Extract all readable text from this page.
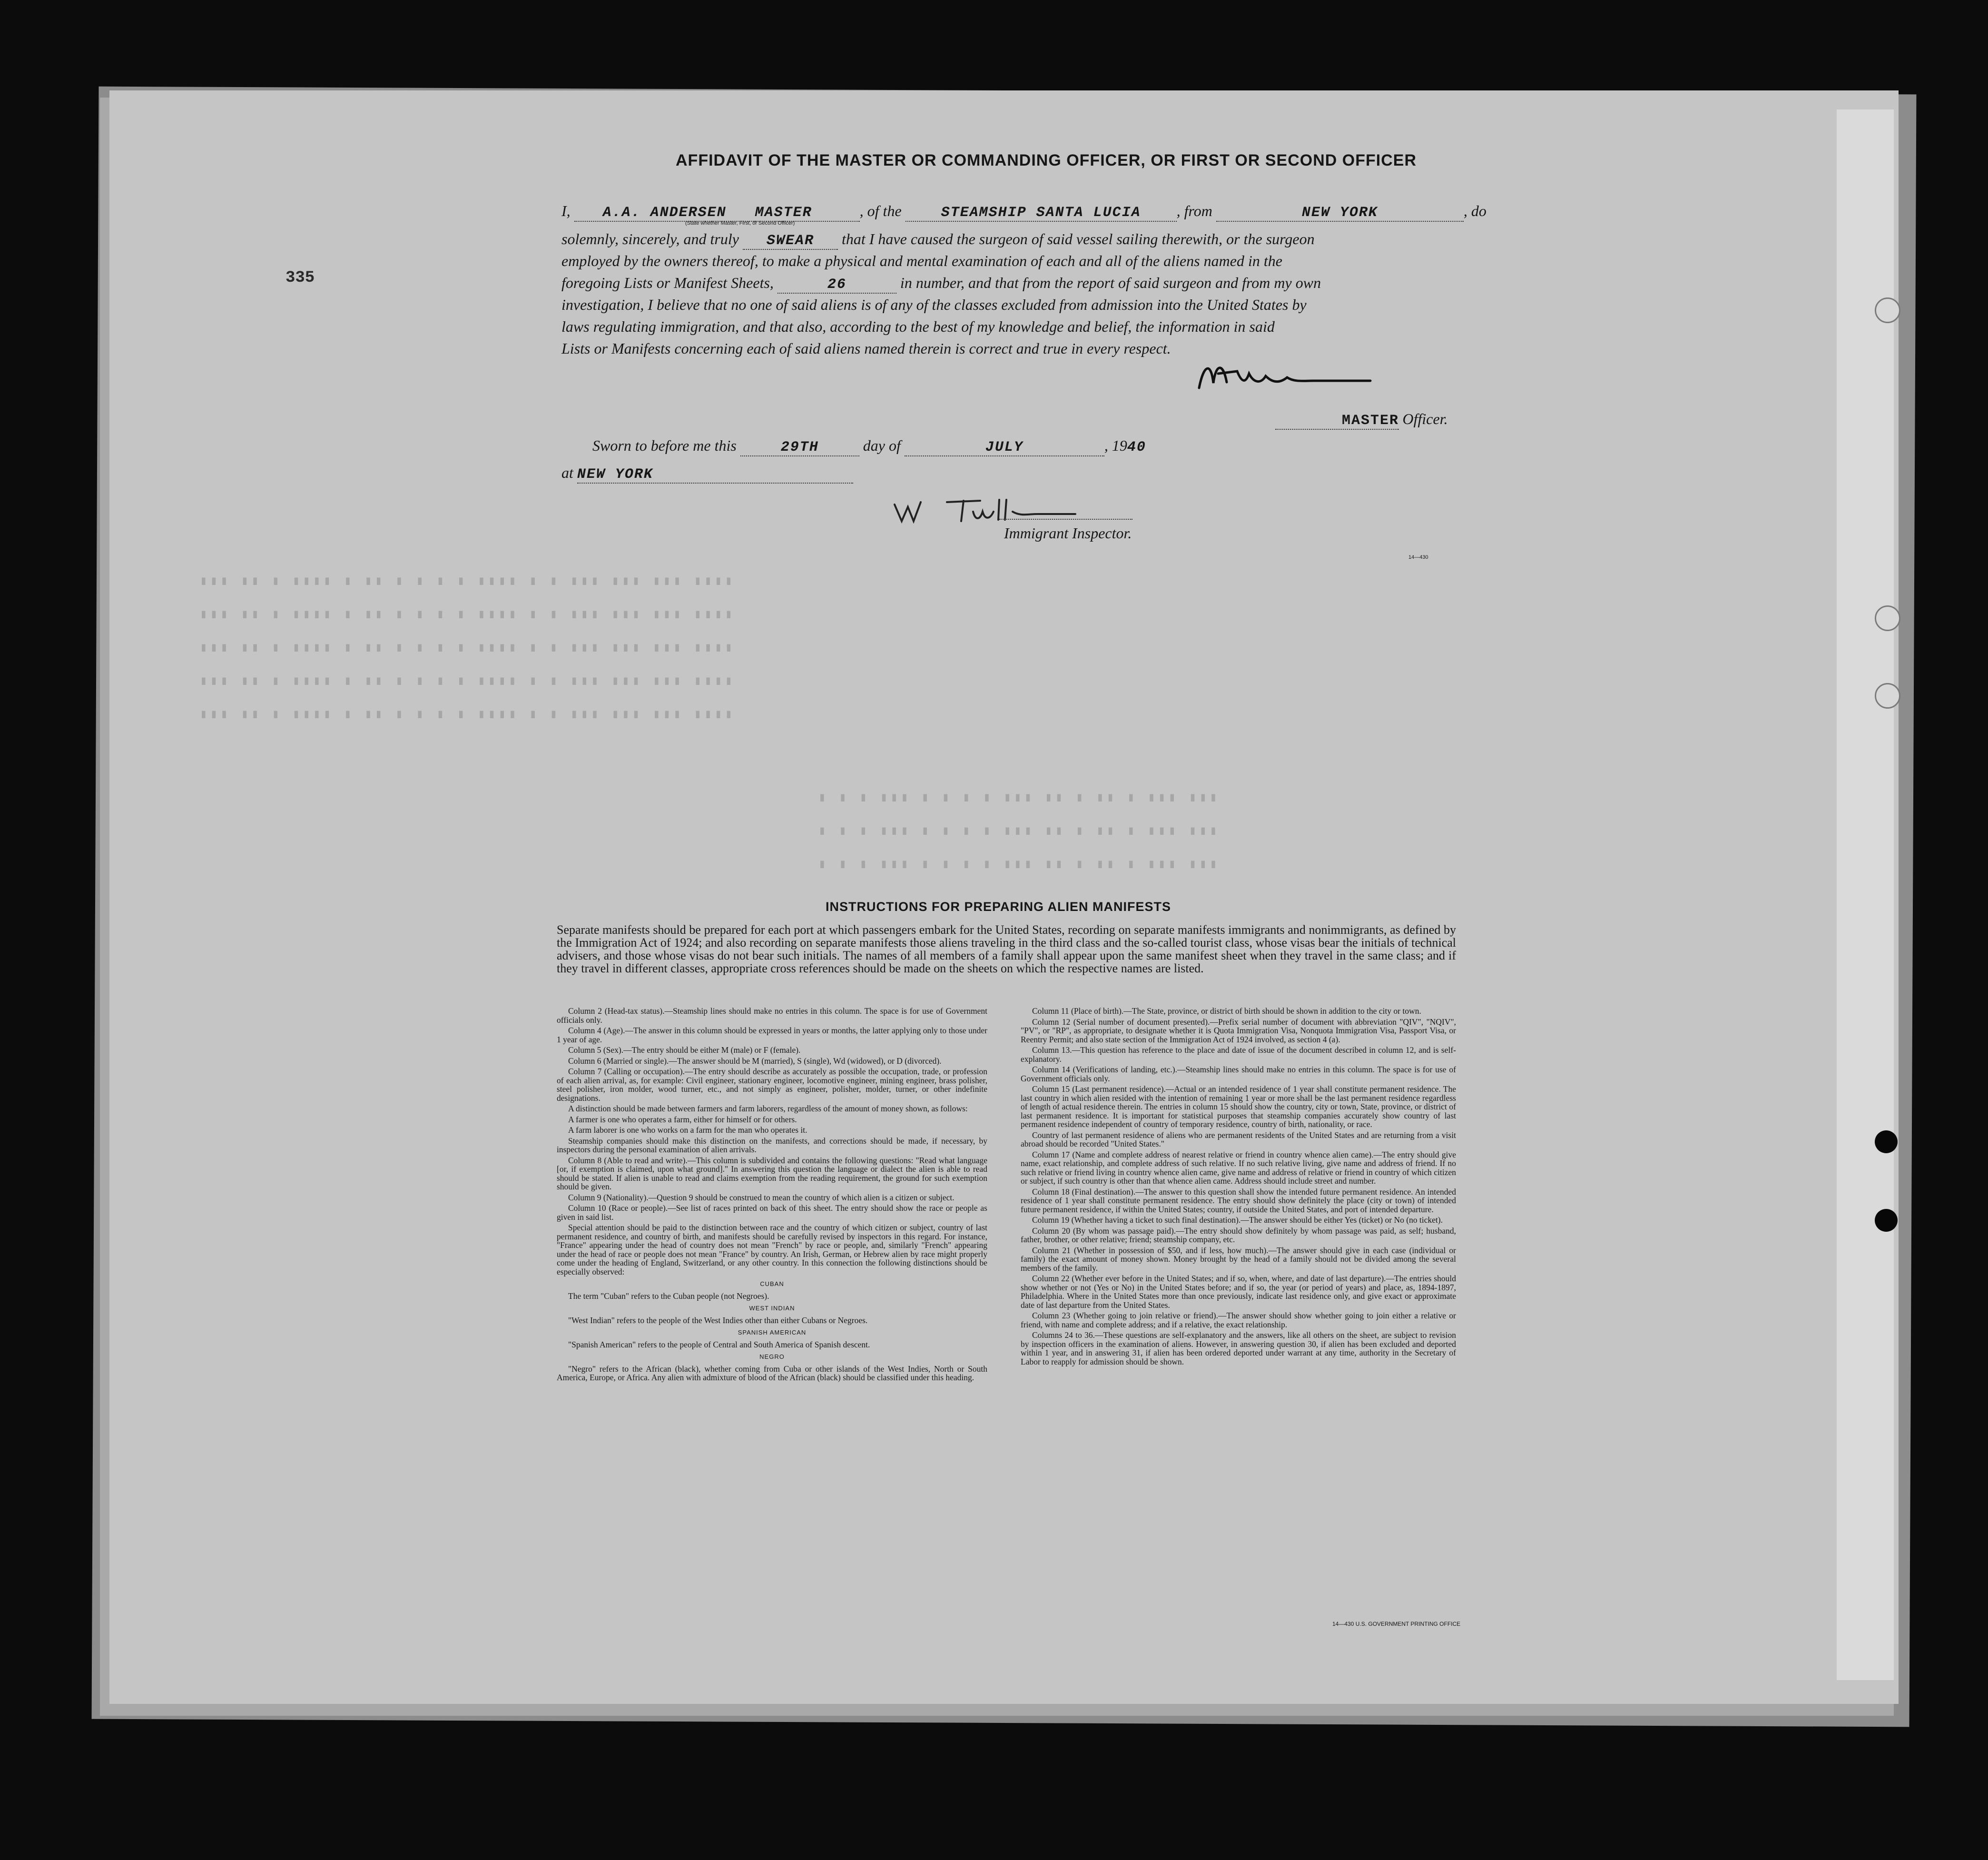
▮▮▮ ▮▮ ▮ ▮▮▮▮ ▮ ▮▮ ▮ ▮ ▮ ▮ ▮▮▮▮ ▮ ▮ ▮▮▮ ▮▮▮ ▮▮▮ ▮▮▮▮
▮▮▮ ▮▮ ▮ ▮▮▮▮ ▮ ▮▮ ▮ ▮ ▮ ▮ ▮▮▮▮ ▮ ▮ ▮▮▮ ▮▮▮ ▮▮▮ ▮▮▮▮
▮▮▮ ▮▮ ▮ ▮▮▮▮ ▮ ▮▮ ▮ ▮ ▮ ▮ ▮▮▮▮ ▮ ▮ ▮▮▮ ▮▮▮ ▮▮▮ ▮▮▮▮
▮▮▮ ▮▮ ▮ ▮▮▮▮ ▮ ▮▮ ▮ ▮ ▮ ▮ ▮▮▮▮ ▮ ▮ ▮▮▮ ▮▮▮ ▮▮▮ ▮▮▮▮
▮▮▮ ▮▮ ▮ ▮▮▮▮ ▮ ▮▮ ▮ ▮ ▮ ▮ ▮▮▮▮ ▮ ▮ ▮▮▮ ▮▮▮ ▮▮▮ ▮▮▮▮
▮ ▮ ▮ ▮▮▮ ▮ ▮ ▮ ▮ ▮▮▮ ▮▮ ▮ ▮▮ ▮ ▮▮▮ ▮▮▮
▮ ▮ ▮ ▮▮▮ ▮ ▮ ▮ ▮ ▮▮▮ ▮▮ ▮ ▮▮ ▮ ▮▮▮ ▮▮▮
▮ ▮ ▮ ▮▮▮ ▮ ▮ ▮ ▮ ▮▮▮ ▮▮ ▮ ▮▮ ▮ ▮▮▮ ▮▮▮
335
AFFIDAVIT OF THE MASTER OR COMMANDING OFFICER, OR FIRST OR SECOND OFFICER
I, A.A. ANDERSEN MASTER	, of the	STEAMSHIP SANTA LUCIA , from	NEW YORK	, do
(State whether Master, First, or Second Officer)
solemnly, sincerely, and truly SWEAR that I have caused the surgeon of said vessel sailing therewith, or the surgeon
employed by the owners thereof, to make a physical and mental examination of each and all of the aliens named in the
foregoing Lists or Manifest Sheets,	26	in number, and that from the report of said surgeon and from my own
investigation, I believe that no one of said aliens is of any of the classes excluded from admission into the United States by
laws regulating immigration, and that also, according to the best of my knowledge and belief, the information in said
Lists or Manifests concerning each of said aliens named therein is correct and true in every respect.
MASTER Officer.
Sworn to before me this	29TH	day of	JULY	, 1940
at NEW YORK
Immigrant Inspector.
14—430
INSTRUCTIONS FOR PREPARING ALIEN MANIFESTS
Separate manifests should be prepared for each port at which passengers embark for the United States, recording on separate manifests immigrants and nonimmigrants, as defined by the Immigration Act of 1924; and also recording on separate manifests those aliens traveling in the third class and the so-called tourist class, whose visas bear the initials of technical advisers, and those whose visas do not bear such initials. The names of all members of a family shall appear upon the same manifest sheet when they travel in the same class; and if they travel in different classes, appropriate cross references should be made on the sheets on which the respective names are listed.

Column 2 (Head-tax status).—Steamship lines should make no entries in this column. The space is for use of Government officials only.

Column 4 (Age).—The answer in this column should be expressed in years or months, the latter applying only to those under 1 year of age.

Column 5 (Sex).—The entry should be either M (male) or F (female).

Column 6 (Married or single).—The answer should be M (married), S (single), Wd (widowed), or D (divorced).

Column 7 (Calling or occupation).—The entry should describe as accurately as possible the occupation, trade, or profession of each alien arrival, as, for example: Civil engineer, stationary engineer, locomotive engineer, mining engineer, brass polisher, steel polisher, iron molder, wood turner, etc., and not simply as engineer, polisher, molder, turner, or other indefinite designations.

A distinction should be made between farmers and farm laborers, regardless of the amount of money shown, as follows:

A farmer is one who operates a farm, either for himself or for others.

A farm laborer is one who works on a farm for the man who operates it.

Steamship companies should make this distinction on the manifests, and corrections should be made, if necessary, by inspectors during the personal examination of alien arrivals.

Column 8 (Able to read and write).—This column is subdivided and contains the following questions: "Read what language [or, if exemption is claimed, upon what ground]." In answering this question the language or dialect the alien is able to read should be stated. If alien is unable to read and claims exemption from the reading requirement, the ground for such exemption should be given.

Column 9 (Nationality).—Question 9 should be construed to mean the country of which alien is a citizen or subject.

Column 10 (Race or people).—See list of races printed on back of this sheet. The entry should show the race or people as given in said list.

Special attention should be paid to the distinction between race and the country of which citizen or subject, country of last permanent residence, and country of birth, and manifests should be carefully revised by inspectors in this regard. For instance, "France" appearing under the head of country does not mean "French" by race or people, and, similarly "French" appearing under the head of race or people does not mean "France" by country. An Irish, German, or Hebrew alien by race might properly come under the heading of England, Switzerland, or any other country. In this connection the following distinctions should be especially observed:

CUBAN

The term "Cuban" refers to the Cuban people (not Negroes).

WEST INDIAN

"West Indian" refers to the people of the West Indies other than either Cubans or Negroes.

SPANISH AMERICAN

"Spanish American" refers to the people of Central and South America of Spanish descent.

NEGRO

"Negro" refers to the African (black), whether coming from Cuba or other islands of the West Indies, North or South America, Europe, or Africa. Any alien with admixture of blood of the African (black) should be classified under this heading.

Column 11 (Place of birth).—The State, province, or district of birth should be shown in addition to the city or town.

Column 12 (Serial number of document presented).—Prefix serial number of document with abbreviation "QIV", "NQIV", "PV", or "RP", as appropriate, to designate whether it is Quota Immigration Visa, Nonquota Immigration Visa, Passport Visa, or Reentry Permit; and also state section of the Immigration Act of 1924 involved, as section 4 (a).

Column 13.—This question has reference to the place and date of issue of the document described in column 12, and is self-explanatory.

Column 14 (Verifications of landing, etc.).—Steamship lines should make no entries in this column. The space is for use of Government officials only.

Column 15 (Last permanent residence).—Actual or an intended residence of 1 year shall constitute permanent residence. The last country in which alien resided with the intention of remaining 1 year or more shall be the last permanent residence regardless of length of actual residence therein. The entries in column 15 should show the country, city or town, State, province, or district of last permanent residence. It is important for statistical purposes that steamship companies accurately show country of last permanent residence independent of country of temporary residence, country of birth, nationality, or race.

Country of last permanent residence of aliens who are permanent residents of the United States and are returning from a visit abroad should be recorded "United States."

Column 17 (Name and complete address of nearest relative or friend in country whence alien came).—The entry should give name, exact relationship, and complete address of such relative. If no such relative living, give name and address of friend. If no such relative or friend living in country whence alien came, give name and address of relative or friend in country of which citizen or subject, if such country is other than that whence alien came. Address should include street and number.

Column 18 (Final destination).—The answer to this question shall show the intended future permanent residence. An intended residence of 1 year shall constitute permanent residence. The entry should show definitely the place (city or town) of intended future permanent residence, if within the United States; country, if outside the United States, and port of intended departure.

Column 19 (Whether having a ticket to such final destination).—The answer should be either Yes (ticket) or No (no ticket).

Column 20 (By whom was passage paid).—The entry should show definitely by whom passage was paid, as self; husband, father, brother, or other relative; friend; steamship company, etc.

Column 21 (Whether in possession of $50, and if less, how much).—The answer should give in each case (individual or family) the exact amount of money shown. Money brought by the head of a family should not be divided among the several members of the family.

Column 22 (Whether ever before in the United States; and if so, when, where, and date of last departure).—The entries should show whether or not (Yes or No) in the United States before; and if so, the year (or period of years) and place, as, 1894-1897, Philadelphia. Where in the United States more than once previously, indicate last residence only, and give exact or approximate date of last departure from the United States.

Column 23 (Whether going to join relative or friend).—The answer should show whether going to join either a relative or friend, with name and complete address; and if a relative, the exact relationship.

Columns 24 to 36.—These questions are self-explanatory and the answers, like all others on the sheet, are subject to revision by inspection officers in the examination of aliens. However, in answering question 30, if alien has been excluded and deported within 1 year, and in answering 31, if alien has been ordered deported under warrant at any time, authority in the Secretary of Labor to reapply for admission should be shown.

14—430 U.S. GOVERNMENT PRINTING OFFICE
